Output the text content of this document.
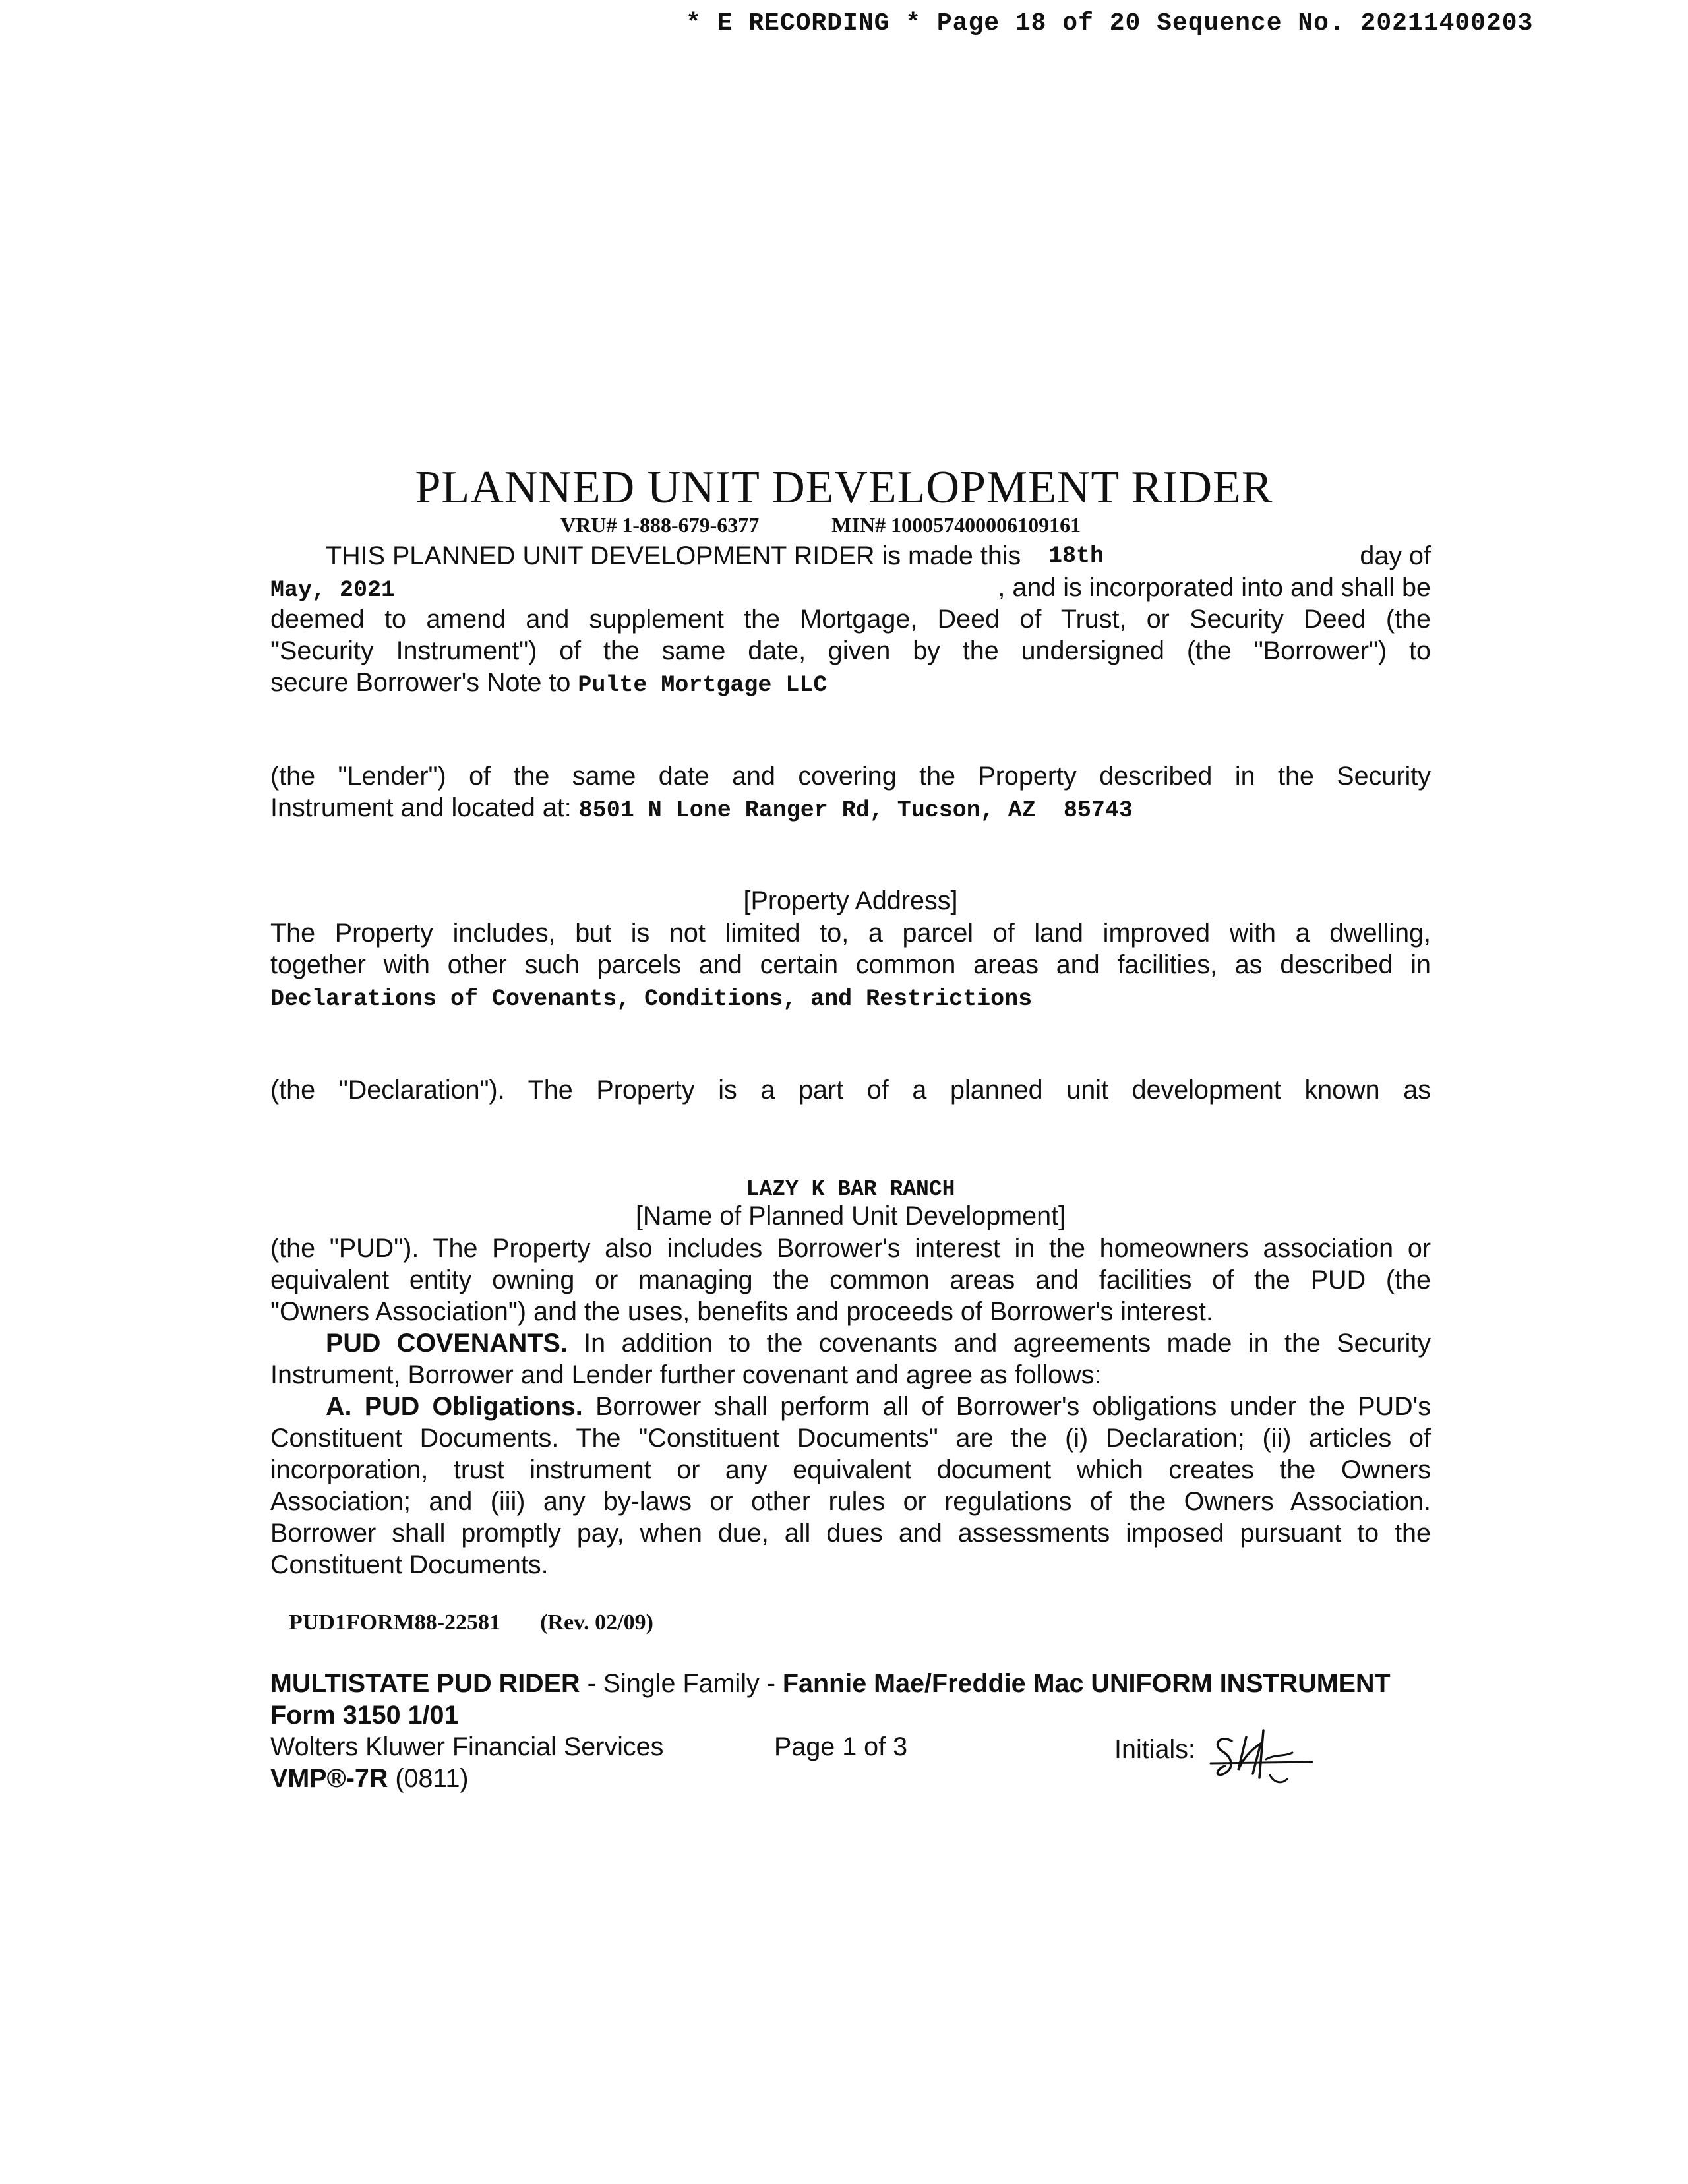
* E RECORDING * Page 18 of 20 Sequence No. 20211400203
PLANNED UNIT DEVELOPMENT RIDER
VRU# 1-888-679-6377	MIN# 100057400006109161
THIS PLANNED UNIT DEVELOPMENT RIDER is made this 18th	day of
May, 2021	, and is incorporated into and shall be
deemed to amend and supplement the Mortgage, Deed of Trust, or Security Deed (the
"Security Instrument") of the same date, given by the undersigned (the "Borrower") to
secure Borrower's Note to Pulte Mortgage LLC
(the "Lender") of the same date and covering the Property described in the Security
Instrument and located at: 8501 N Lone Ranger Rd, Tucson, AZ  85743
[Property Address]
The Property includes, but is not limited to, a parcel of land improved with a dwelling,
together with other such parcels and certain common areas and facilities, as described in
Declarations of Covenants, Conditions, and Restrictions
(the "Declaration"). The Property is a part of a planned unit development known as
LAZY K BAR RANCH
[Name of Planned Unit Development]
(the "PUD"). The Property also includes Borrower's interest in the homeowners association or
equivalent entity owning or managing the common areas and facilities of the PUD (the
"Owners Association") and the uses, benefits and proceeds of Borrower's interest.
PUD COVENANTS. In addition to the covenants and agreements made in the Security
Instrument, Borrower and Lender further covenant and agree as follows:
A. PUD Obligations. Borrower shall perform all of Borrower's obligations under the PUD's
Constituent Documents. The "Constituent Documents" are the (i) Declaration; (ii) articles of
incorporation, trust instrument or any equivalent document which creates the Owners
Association; and (iii) any by-laws or other rules or regulations of the Owners Association.
Borrower shall promptly pay, when due, all dues and assessments imposed pursuant to the
Constituent Documents.
PUD1FORM88-22581 (Rev. 02/09)
MULTISTATE PUD RIDER - Single Family - Fannie Mae/Freddie Mac UNIFORM INSTRUMENT
Form 3150 1/01
Wolters Kluwer Financial Services	Page 1 of 3	Initials:
VMP®-7R (0811)
